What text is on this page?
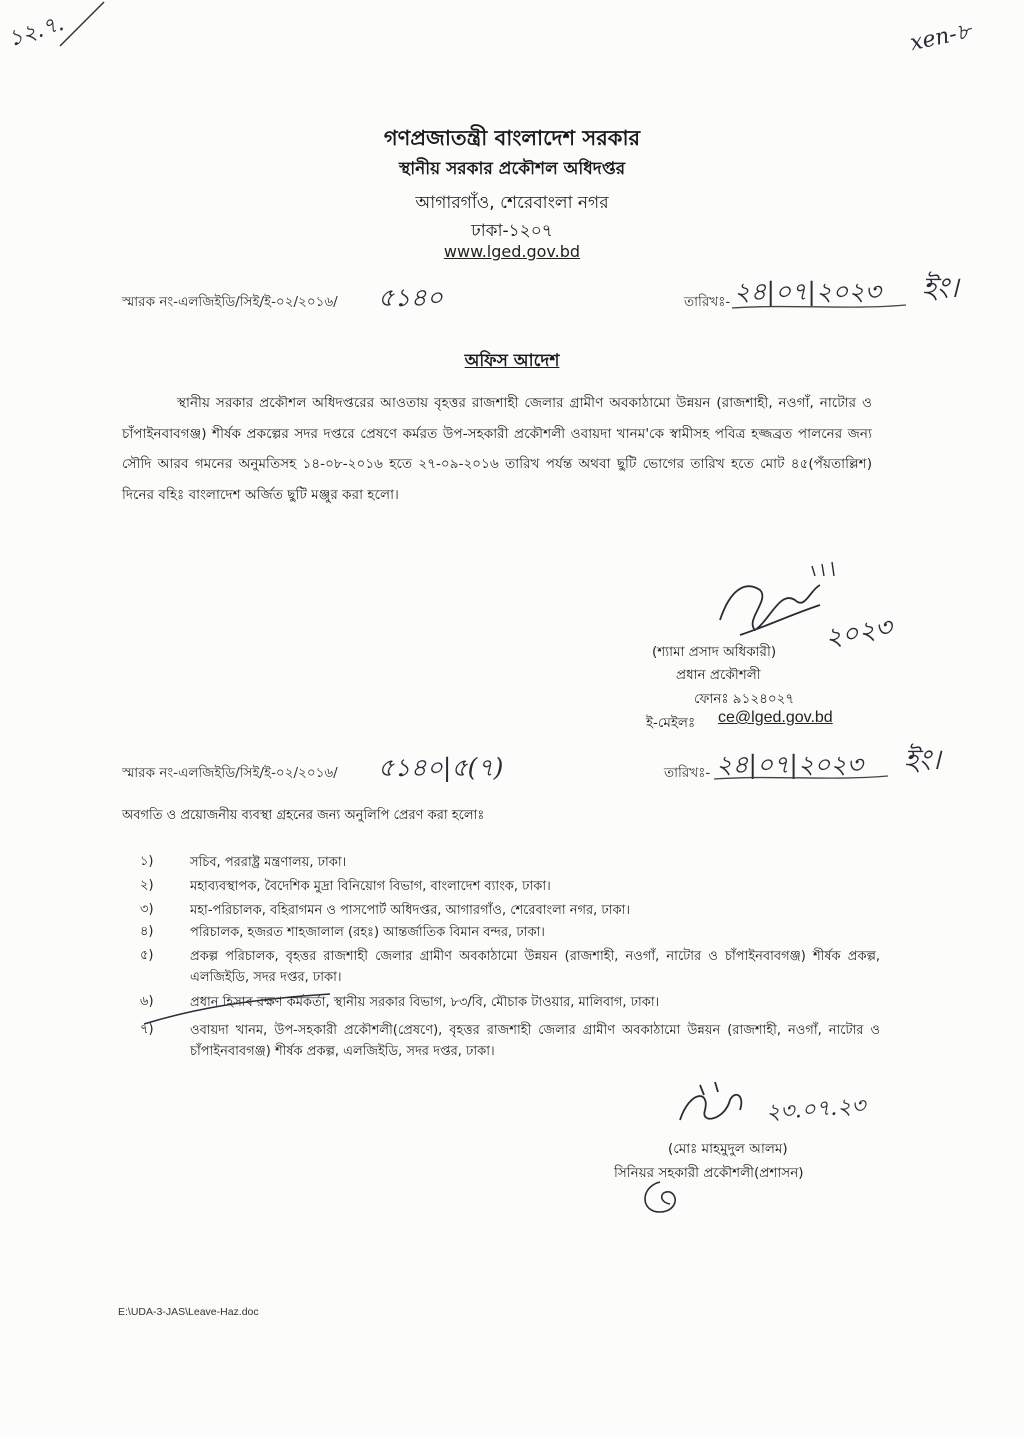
১২.৭.	xen-৮
গণপ্রজাতন্ত্রী বাংলাদেশ সরকার
স্থানীয় সরকার প্রকৌশল অধিদপ্তর
আগারগাঁও, শেরেবাংলা নগর
ঢাকা-১২০৭
www.lged.gov.bd
স্মারক নং-এলজিইডি/সিই/ই-০২/২০১৬/ ৫১৪০	তারিখঃ- ২৪|০৭|২০২৩ ইং।
অফিস আদেশ
স্থানীয় সরকার প্রকৌশল অধিদপ্তরের আওতায় বৃহত্তর রাজশাহী জেলার গ্রামীণ অবকাঠামো উন্নয়ন (রাজশাহী, নওগাঁ, নাটোর ও চাঁপাইনবাবগঞ্জ) শীর্ষক প্রকল্পের সদর দপ্তরে প্রেষণে কর্মরত উপ-সহকারী প্রকৌশলী ওবায়দা খানম'কে স্বামীসহ পবিত্র হজ্জব্রত পালনের জন্য সৌদি আরব গমনের অনুমতিসহ ১৪-০৮-২০১৬ হতে ২৭-০৯-২০১৬ তারিখ পর্যন্ত অথবা ছুটি ভোগের তারিখ হতে মোট ৪৫(পঁয়তাল্লিশ) দিনের বহিঃ বাংলাদেশ অর্জিত ছুটি মঞ্জুর করা হলো।
২০২৩
(শ্যামা প্রসাদ অধিকারী)
প্রধান প্রকৌশলী
ফোনঃ ৯১২৪০২৭
ই-মেইলঃ ce@lged.gov.bd
স্মারক নং-এলজিইডি/সিই/ই-০২/২০১৬/ ৫১৪০|৫(৭)	তারিখঃ- ২৪|০৭|২০২৩ ইং।
অবগতি ও প্রয়োজনীয় ব্যবস্থা গ্রহনের জন্য অনুলিপি প্রেরণ করা হলোঃ
১)	সচিব, পররাষ্ট্র মন্ত্রণালয়, ঢাকা।
২)	মহাব্যবস্থাপক, বৈদেশিক মুদ্রা বিনিয়োগ বিভাগ, বাংলাদেশ ব্যাংক, ঢাকা।
৩)	মহা-পরিচালক, বহিরাগমন ও পাসপোর্ট অধিদপ্তর, আগারগাঁও, শেরেবাংলা নগর, ঢাকা।
৪)	পরিচালক, হজরত শাহজালাল (রহঃ) আন্তর্জাতিক বিমান বন্দর, ঢাকা।
৫)	প্রকল্প পরিচালক, বৃহত্তর রাজশাহী জেলার গ্রামীণ অবকাঠামো উন্নয়ন (রাজশাহী, নওগাঁ, নাটোর ও চাঁপাইনবাবগঞ্জ) শীর্ষক প্রকল্প, এলজিইডি, সদর দপ্তর, ঢাকা।
৬)	প্রধান হিসাব রক্ষণ কর্মকর্তা, স্থানীয় সরকার বিভাগ, ৮৩/বি, মৌচাক টাওয়ার, মালিবাগ, ঢাকা।
৭)	ওবায়দা খানম, উপ-সহকারী প্রকৌশলী(প্রেষণে), বৃহত্তর রাজশাহী জেলার গ্রামীণ অবকাঠামো উন্নয়ন (রাজশাহী, নওগাঁ, নাটোর ও চাঁপাইনবাবগঞ্জ) শীর্ষক প্রকল্প, এলজিইডি, সদর দপ্তর, ঢাকা।
২৩.০৭.২৩
(মোঃ মাহমুদুল আলম)
সিনিয়র সহকারী প্রকৌশলী(প্রশাসন)
E:\UDA-3-JAS\Leave-Haz.doc
